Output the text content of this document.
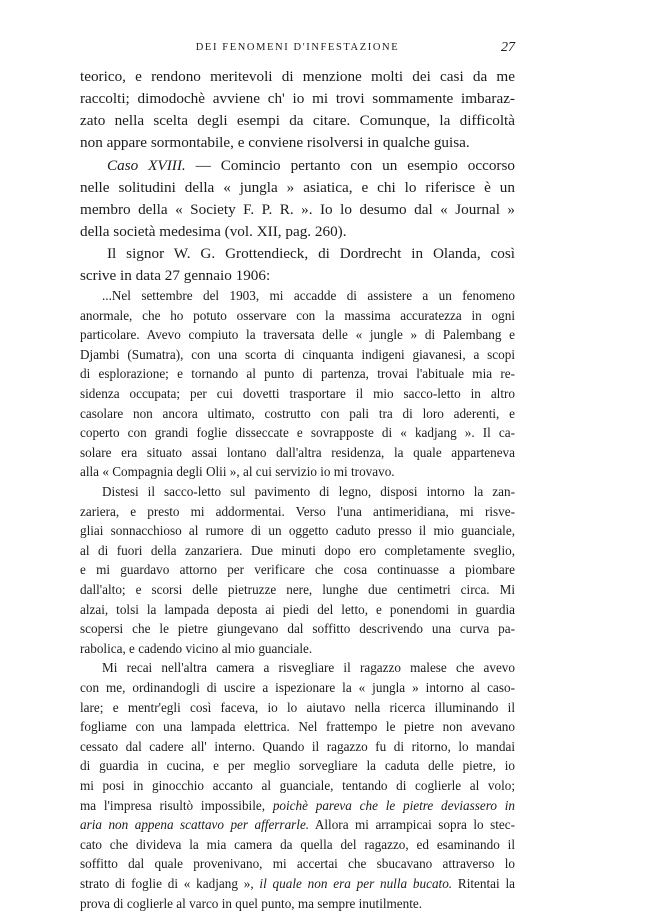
DEI FENOMENI D'INFESTAZIONE	27
teorico, e rendono meritevoli di menzione molti dei casi da me
raccolti; dimodochè avviene ch' io mi trovi sommamente imbaraz-
zato nella scelta degli esempi da citare. Comunque, la difficoltà
non appare sormontabile, e conviene risolversi in qualche guisa.
Caso XVIII. — Comincio pertanto con un esempio occorso
nelle solitudini della « jungla » asiatica, e chi lo riferisce è un
membro della « Society F. P. R. ». Io lo desumo dal « Journal »
della società medesima (vol. XII, pag. 260).
Il signor W. G. Grottendieck, di Dordrecht in Olanda, così
scrive in data 27 gennaio 1906:
...Nel settembre del 1903, mi accadde di assistere a un fenomeno
anormale, che ho potuto osservare con la massima accuratezza in ogni
particolare. Avevo compiuto la traversata delle « jungle » di Palembang e
Djambi (Sumatra), con una scorta di cinquanta indigeni giavanesi, a scopi
di esplorazione; e tornando al punto di partenza, trovai l'abituale mia re-
sidenza occupata; per cui dovetti trasportare il mio sacco-letto in altro
casolare non ancora ultimato, costrutto con pali tra di loro aderenti, e
coperto con grandi foglie disseccate e sovrapposte di « kadjang ». Il ca-
solare era situato assai lontano dall'altra residenza, la quale apparteneva
alla « Compagnia degli Olii », al cui servizio io mi trovavo.
Distesi il sacco-letto sul pavimento di legno, disposi intorno la zan-
zariera, e presto mi addormentai. Verso l'una antimeridiana, mi risve-
gliai sonnacchioso al rumore di un oggetto caduto presso il mio guanciale,
al di fuori della zanzariera. Due minuti dopo ero completamente sveglio,
e mi guardavo attorno per verificare che cosa continuasse a piombare
dall'alto; e scorsi delle pietruzze nere, lunghe due centimetri circa. Mi
alzai, tolsi la lampada deposta ai piedi del letto, e ponendomi in guardia
scopersi che le pietre giungevano dal soffitto descrivendo una curva pa-
rabolica, e cadendo vicino al mio guanciale.
Mi recai nell'altra camera a risvegliare il ragazzo malese che avevo
con me, ordinandogli di uscire a ispezionare la « jungla » intorno al caso-
lare; e mentr'egli così faceva, io lo aiutavo nella ricerca illuminando il
fogliame con una lampada elettrica. Nel frattempo le pietre non avevano
cessato dal cadere all' interno. Quando il ragazzo fu di ritorno, lo mandai
di guardia in cucina, e per meglio sorvegliare la caduta delle pietre, io
mi posi in ginocchio accanto al guanciale, tentando di coglierle al volo;
ma l'impresa risultò impossibile, poichè pareva che le pietre deviassero in
aria non appena scattavo per afferrarle. Allora mi arrampicai sopra lo stec-
cato che divideva la mia camera da quella del ragazzo, ed esaminando il
soffitto dal quale provenivano, mi accertai che sbucavano attraverso lo
strato di foglie di « kadjang », il quale non era per nulla bucato. Ritentai la
prova di coglierle al varco in quel punto, ma sempre inutilmente.
